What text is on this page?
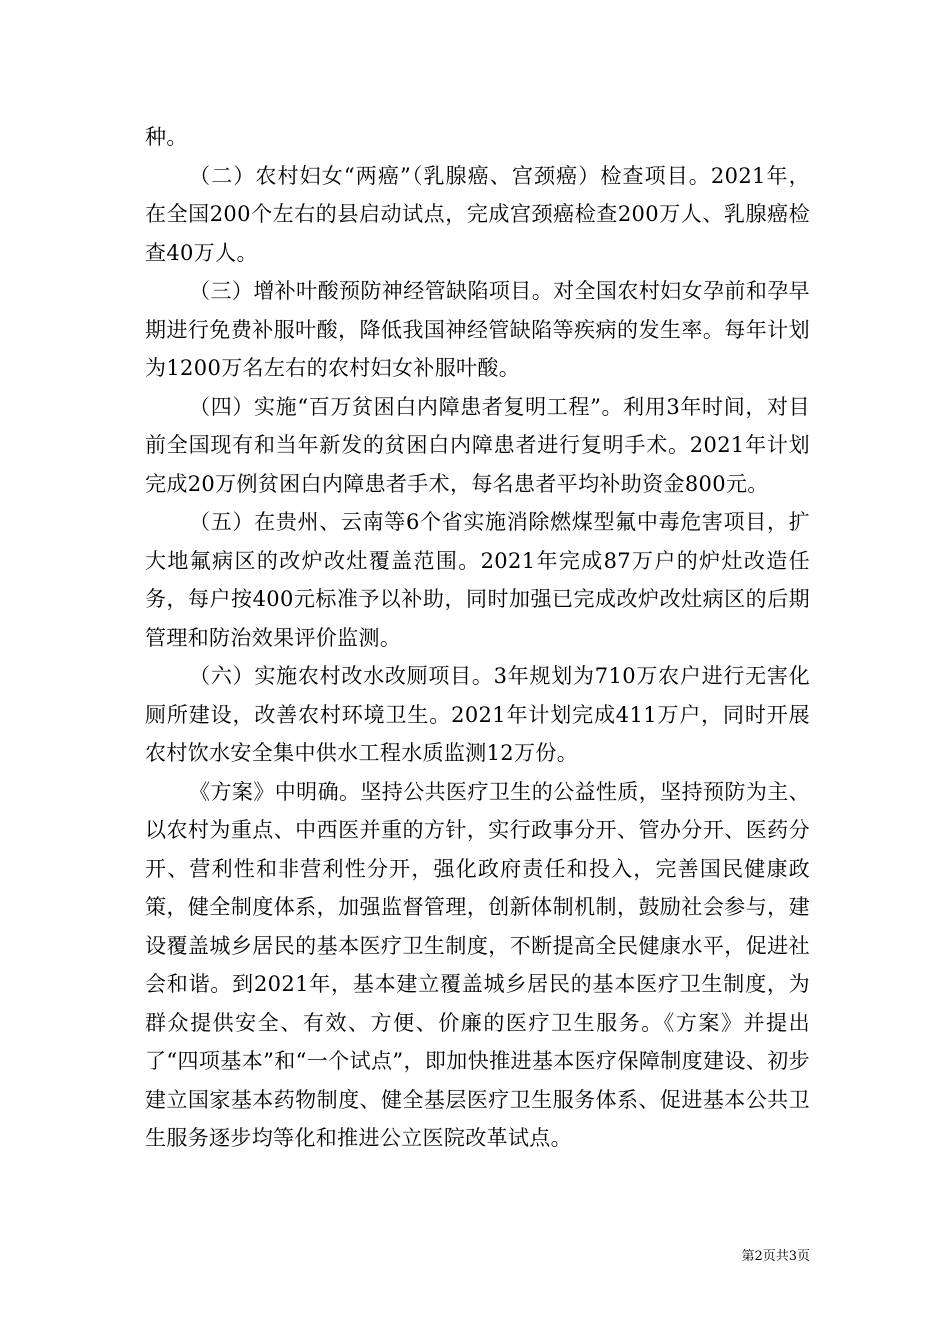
种。

（二）农村妇女“两癌”（乳腺癌、宫颈癌）检查项目。2021年，在全国200个左右的县启动试点，完成宫颈癌检查200万人、乳腺癌检查40万人。

（三）增补叶酸预防神经管缺陷项目。对全国农村妇女孕前和孕早期进行免费补服叶酸，降低我国神经管缺陷等疾病的发生率。每年计划为1200万名左右的农村妇女补服叶酸。

（四）实施“百万贫困白内障患者复明工程”。利用3年时间，对目前全国现有和当年新发的贫困白内障患者进行复明手术。2021年计划完成20万例贫困白内障患者手术，每名患者平均补助资金800元。

（五）在贵州、云南等6个省实施消除燃煤型氟中毒危害项目，扩大地氟病区的改炉改灶覆盖范围。2021年完成87万户的炉灶改造任务，每户按400元标准予以补助，同时加强已完成改炉改灶病区的后期管理和防治效果评价监测。

（六）实施农村改水改厕项目。3年规划为710万农户进行无害化厕所建设，改善农村环境卫生。2021年计划完成411万户，同时开展农村饮水安全集中供水工程水质监测12万份。

《方案》中明确。坚持公共医疗卫生的公益性质，坚持预防为主、以农村为重点、中西医并重的方针，实行政事分开、管办分开、医药分开、营利性和非营利性分开，强化政府责任和投入，完善国民健康政策，健全制度体系，加强监督管理，创新体制机制，鼓励社会参与，建设覆盖城乡居民的基本医疗卫生制度，不断提高全民健康水平，促进社会和谐。到2021年，基本建立覆盖城乡居民的基本医疗卫生制度，为群众提供安全、有效、方便、价廉的医疗卫生服务。《方案》并提出了“四项基本”和“一个试点”，即加快推进基本医疗保障制度建设、初步建立国家基本药物制度、健全基层医疗卫生服务体系、促进基本公共卫生服务逐步均等化和推进公立医院改革试点。

第2页共3页
